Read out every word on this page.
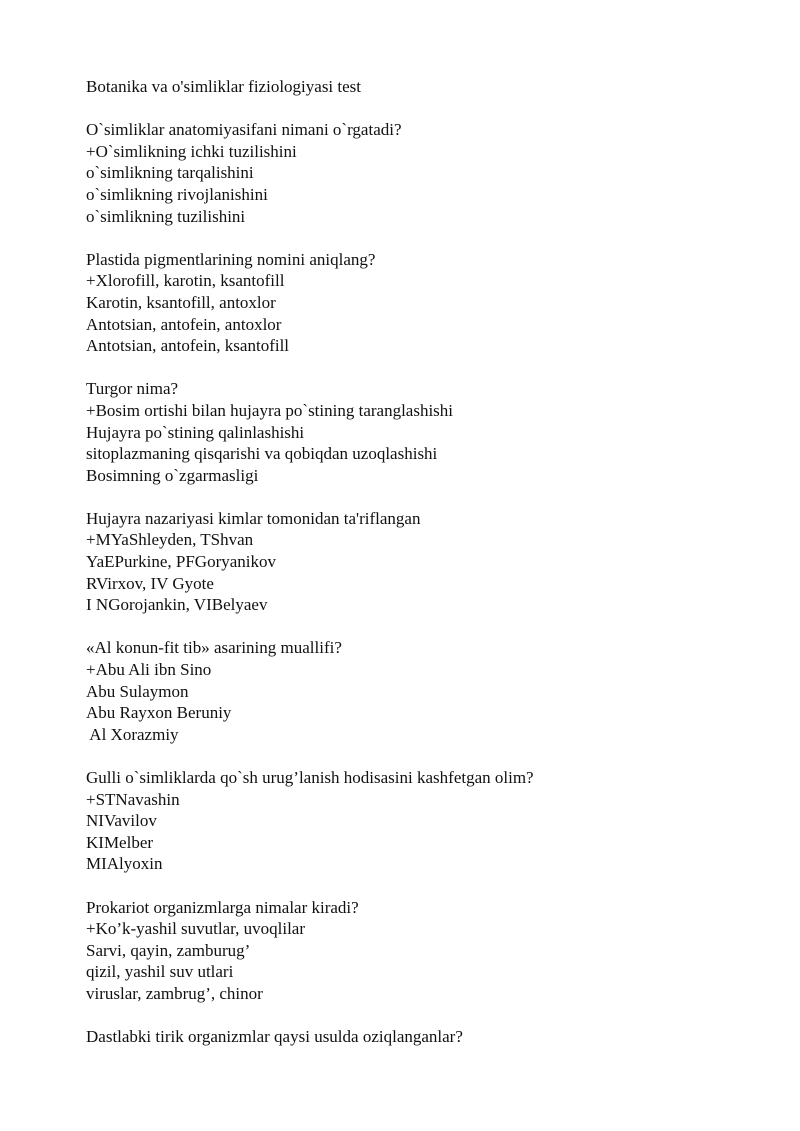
Botanika va o'simliklar fiziologiyasi test
O`simliklar anatomiyasifani nimani o`rgatadi?
+O`simlikning ichki tuzilishini
o`simlikning tarqalishini
o`simlikning rivojlanishini
o`simlikning tuzilishini
Plastida pigmentlarining nomini aniqlang?
+Xlorofill, karotin, ksantofill
Karotin, ksantofill, antoxlor
Antotsian, antofein, antoxlor
Antotsian, antofein, ksantofill
Turgor nima?
+Bosim ortishi bilan hujayra po`stining taranglashishi
Hujayra po`stining qalinlashishi
sitoplazmaning qisqarishi va qobiqdan uzoqlashishi
Bosimning o`zgarmasligi
Hujayra nazariyasi kimlar tomonidan ta'riflangan
+MYaShleyden, TShvan
YaEPurkine, PFGoryanikov
RVirxov, IV Gyote
I NGorojankin, VIBelyaev
«Al konun-fit tib» asarining muallifi?
+Abu Ali ibn Sino
Abu Sulaymon
Abu Rayxon Beruniy
Al Xorazmiy
Gulli o`simliklarda qo`sh urug’lanish hodisasini kashfetgan olim?
+STNavashin
NIVavilov
KIMelber
MIAlyoxin
Prokariot organizmlarga nimalar kiradi?
+Ko’k-yashil suvutlar, uvoqlilar
Sarvi, qayin, zamburug’
qizil, yashil suv utlari
viruslar, zambrug’, chinor
Dastlabki tirik organizmlar qaysi usulda oziqlanganlar?
